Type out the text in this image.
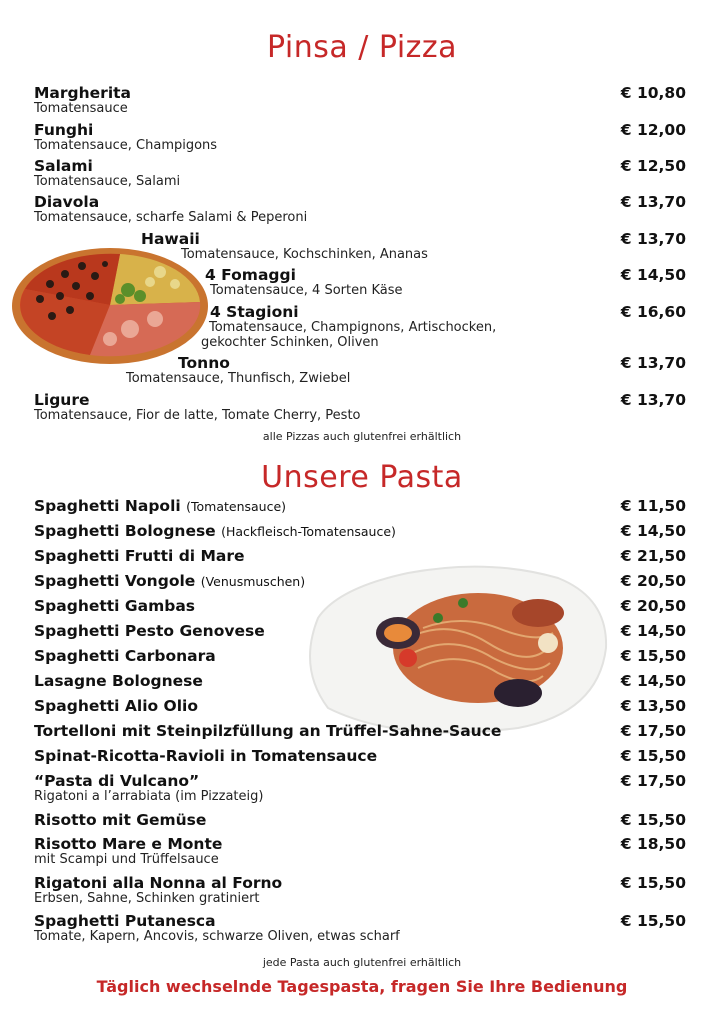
Pinsa / Pizza
Margherita
Tomatensauce
€ 10,80
Funghi
Tomatensauce, Champigons
€ 12,00
Salami
Tomatensauce, Salami
€ 12,50
Diavola
Tomatensauce, scharfe Salami & Peperoni
€ 13,70
Hawaii
Tomatensauce, Kochschinken, Ananas
€ 13,70
4 Fomaggi
Tomatensauce, 4 Sorten Käse
€ 14,50
4 Stagioni
Tomatensauce, Champignons, Artischocken,
gekochter Schinken, Oliven
€ 16,60
Tonno
Tomatensauce, Thunfisch, Zwiebel
€ 13,70
Ligure
Tomatensauce, Fior de latte, Tomate Cherry, Pesto
€ 13,70
alle Pizzas auch glutenfrei erhältlich
Unsere Pasta
Spaghetti Napoli (Tomatensauce)	€ 11,50
Spaghetti Bolognese (Hackfleisch-Tomatensauce)	€ 14,50
Spaghetti Frutti di Mare	€ 21,50
Spaghetti Vongole (Venusmuschen)	€ 20,50
Spaghetti Gambas	€ 20,50
Spaghetti Pesto Genovese	€ 14,50
Spaghetti Carbonara	€ 15,50
Lasagne Bolognese	€ 14,50
Spaghetti Alio Olio	€ 13,50
Tortelloni mit Steinpilzfüllung an Trüffel-Sahne-Sauce	€ 17,50
Spinat-Ricotta-Ravioli in Tomatensauce	€ 15,50
“Pasta di Vulcano”
Rigatoni a l’arrabiata (im Pizzateig)
€ 17,50
Risotto mit Gemüse	€ 15,50
Risotto Mare e Monte
mit Scampi und Trüffelsauce
€ 18,50
Rigatoni alla Nonna al Forno
Erbsen, Sahne, Schinken gratiniert
€ 15,50
Spaghetti Putanesca
Tomate, Kapern, Ancovis, schwarze Oliven, etwas scharf
€ 15,50
jede Pasta auch glutenfrei erhältlich
Täglich wechselnde Tagespasta, fragen Sie Ihre Bedienung
